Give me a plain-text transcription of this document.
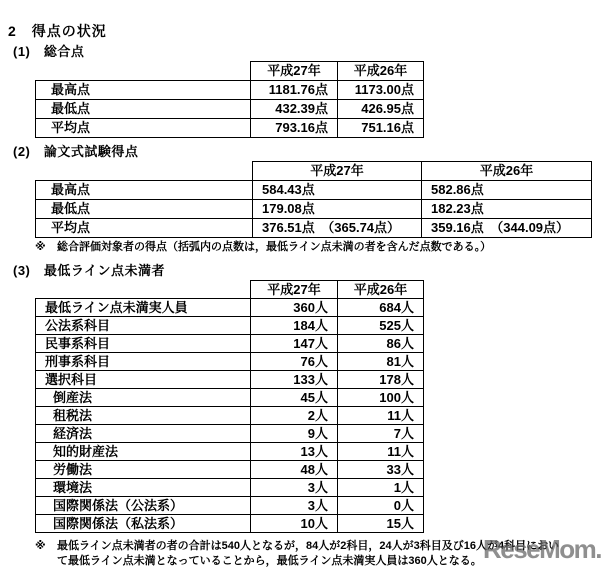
2　得点の状況
(1)　総合点
	平成27年	平成26年
最高点	1181.76点	1173.00点
最低点	432.39点	426.95点
平均点	793.16点	751.16点
(2)　論文式試験得点
	平成27年	平成26年
最高点	584.43点	582.86点
最低点	179.08点	182.23点
平均点	376.51点　（365.74点）	359.16点　（344.09点）
※	総合評価対象者の得点（括弧内の点数は，最低ライン点未満の者を含んだ点数である。）
(3)　最低ライン点未満者
	平成27年	平成26年
最低ライン点未満実人員	360人	684人
公法系科目	184人	525人
民事系科目	147人	86人
刑事系科目	76人	81人
選択科目	133人	178人
倒産法	45人	100人
租税法	2人	11人
経済法	9人	7人
知的財産法	13人	11人
労働法	48人	33人
環境法	3人	1人
国際関係法（公法系）	3人	0人
国際関係法（私法系）	10人	15人
※	最低ライン点未満者の者の合計は540人となるが，84人が2科目，24人が3科目及び16人が4科目において最低ライン点未満となっていることから，最低ライン点未満実人員は360人となる。 ReseMom.
